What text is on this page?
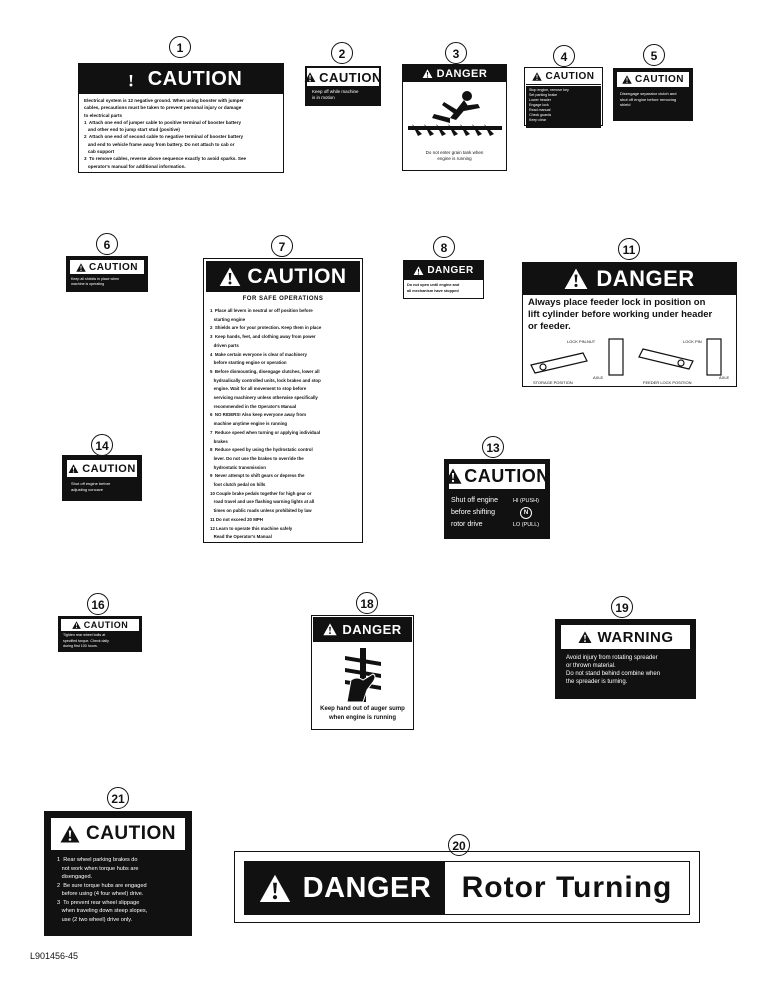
1
CAUTION
Electrical system is 12 negative ground. When using booster with jumper
cables, precautions must be taken to prevent personal injury or damage
to electrical parts
1  Attach one end of jumper cable to positive terminal of booster battery
and other end to jump start stud (positive)
2  Attach one end of second cable to negative terminal of booster battery
and end to vehicle frame away from battery. Do not attach to cab or
cab support
3  To remove cables, reverse above sequence exactly to avoid sparks. See
operator's manual for additional information.
2
CAUTION
Keep off while machine
is in motion
3
DANGER
Do not enter grain tank when
engine is running
4
CAUTION
Stop engine, remove key
Set parking brake
Lower header
Engage lock
Read manual
Check guards
Keep clear
5
CAUTION
Disengage separator clutch and
shut off engine before removing
shield
6
CAUTION
Keep all shields in place when
machine is operating
7
CAUTION
FOR SAFE OPERATIONS
1  Place all levers in neutral or off position before
starting engine
2  Shields are for your protection. Keep them in place
3  Keep hands, feet, and clothing away from power
driven parts
4  Make certain everyone is clear of machinery
before starting engine or operation
5  Before dismounting, disengage clutches, lower all
hydraulically controlled units, lock brakes and stop
engine. Wait for all movement to stop before
servicing machinery unless otherwise specifically
recommended in the Operator's Manual
6  NO RIDERS! Also keep everyone away from
machine anytime engine is running
7  Reduce speed when turning or applying individual
brakes
8  Reduce speed by using the hydrostatic control
lever. Do not use the brakes to override the
hydrostatic transmission
9  Never attempt to shift gears or depress the
foot clutch pedal on hills
10 Couple brake pedals together for high gear or
road travel and use flashing warning lights at all
times on public roads unless prohibited by law
11 Do not exceed 20 MPH
12 Learn to operate this machine safely
Read the Operator's Manual
8
DANGER
Do not open until engine and
all mechanism have stopped
11
DANGER
Always place feeder lock in position on
lift cylinder before working under header
or feeder.
LOCK PIN-NUT	LOCK PIN
AXLE	AXLE
STORAGE POSITION	FEEDER LOCK POSITION
14
CAUTION
Shut off engine before
adjusting concave
13
CAUTION
Shut off engine
before shifting
rotor drive
HI (PUSH)
N
LO (PULL)
16
CAUTION
Tighten rear wheel bolts at
specified torque. Check daily
during first 100 hours.
18
DANGER
Keep hand out of auger sump
when engine is running
19
WARNING
Avoid injury from rotating spreader
or thrown material.
Do not stand behind combine when
the spreader is turning.
21
CAUTION
1  Rear wheel parking brakes do
not work when torque hubs are
disengaged.
2  Be sure torque hubs are engaged
before using (4 four wheel) drive.
3  To prevent rear wheel slippage
when traveling down steep slopes,
use (2 two wheel) drive only.
20
DANGER	Rotor Turning
L901456-45
